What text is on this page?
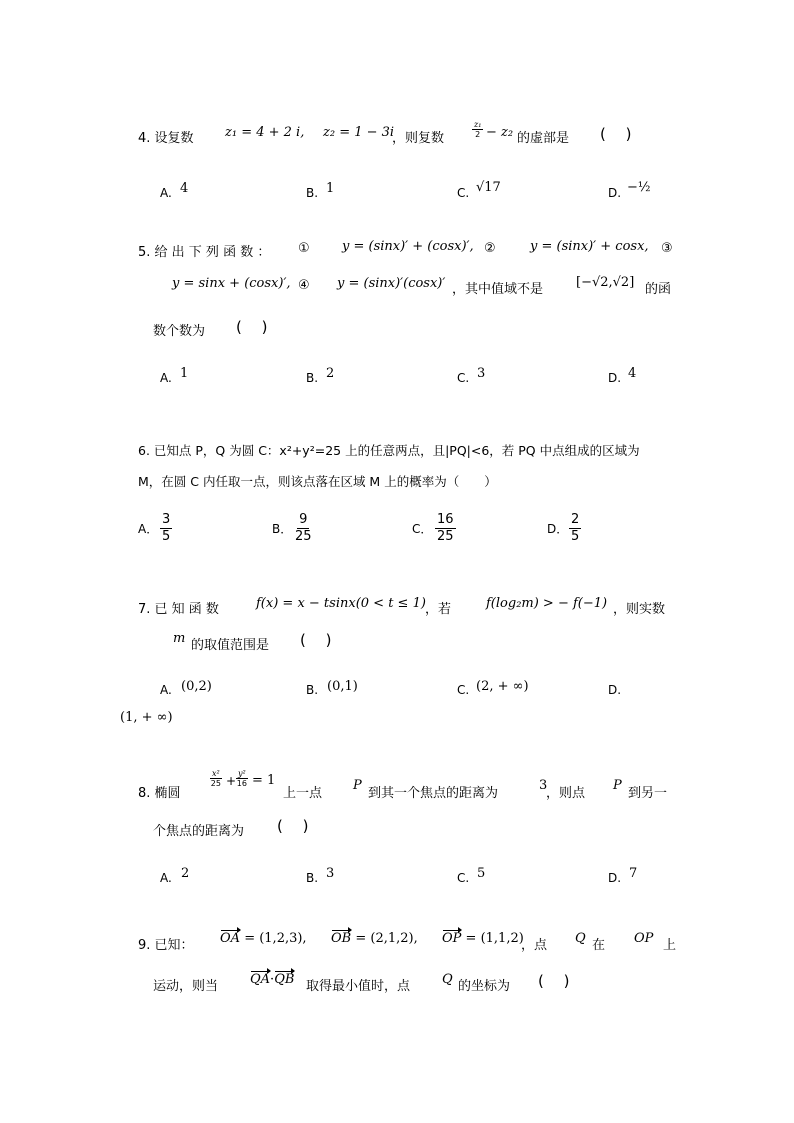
4. 设复数 z₁ = 4 + 2 i, z₂ = 1 − 3i
，则复数	$\frac{\text{z₁}}{2} - z_2$ 的虚部是 (　 )
A. 4	B. 1	C. √17	D. −½
5. 给 出 下 列 函 数 ： ① y = (sinx)′ + (cosx)′, ②	y = (sinx)′ + cosx, ③
y = sinx + (cosx)′, ④ y = (sinx)′(cosx)′ ，其中值域不是	[−√2,√2] 的函
数个数为 (　 )
A. 1	B. 2	C. 3	D. 4
6. 已知点 P，Q 为圆 C：x²+y²=25 上的任意两点，且|PQ|<6，若 PQ 中点组成的区域为
M，在圆 C 内任取一点，则该点落在区域 M 上的概率为（　　）
A． $\frac{3}{5}$	B． $\frac{9}{25}$	C． $\frac{16}{25}$	D． $\frac{2}{5}$
7. 已 知 函 数	f(x) = x − tsinx(0 < t ≤ 1) ，若	f(log₂m) > − f(−1) ，则实数
m 的取值范围是 (　 )
A. (0,2)	B. (0,1)	C. (2, + ∞)	D.
(1, + ∞)
8. 椭圆
$\frac{\text{x²}}{25} + \frac{\text{y²}}{16} = 1$
上一点
P
到其一个焦点的距离为
3
，则点
P
到另一
个焦点的距离为 (　 )
A. 2	B. 3	C. 5	D. 7
9. 已知： OA = (1,2,3), OB = (2,1,2), OP = (1,1,2)
，点 Q 在 OP 上
运动，则当 QA·QB 取得最小值时，点 Q 的坐标为 (　 )
